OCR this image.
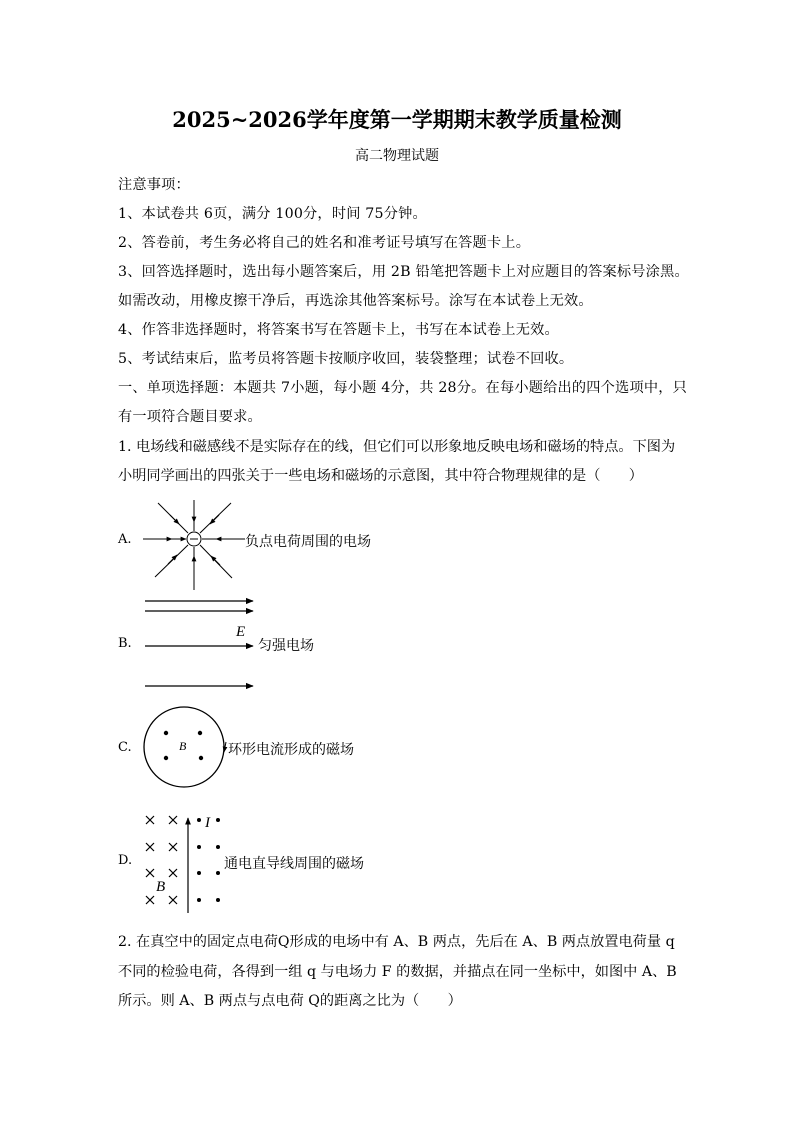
2025~2026学年度第一学期期末教学质量检测
高二物理试题
注意事项：
1、本试卷共 6页，满分 100分，时间 75分钟。
2、答卷前，考生务必将自己的姓名和准考证号填写在答题卡上。
3、回答选择题时，选出每小题答案后，用 2B 铅笔把答题卡上对应题目的答案标号涂黑。
如需改动，用橡皮擦干净后，再选涂其他答案标号。涂写在本试卷上无效。
4、作答非选择题时，将答案书写在答题卡上，书写在本试卷上无效。
5、考试结束后，监考员将答题卡按顺序收回，装袋整理；试卷不回收。
一、单项选择题：本题共 7小题，每小题 4分，共 28分。在每小题给出的四个选项中，只
有一项符合题目要求。
1. 电场线和磁感线不是实际存在的线，但它们可以形象地反映电场和磁场的特点。下图为
小明同学画出的四张关于一些电场和磁场的示意图，其中符合物理规律的是（　　）
A.	负点电荷周围的电场
B.
E
匀强电场
C.	B	环形电流形成的磁场
D.
I
B
通电直导线周围的磁场
2. 在真空中的固定点电荷Q形成的电场中有 A、B 两点，先后在 A、B 两点放置电荷量 q
不同的检验电荷，各得到一组 q 与电场力 F 的数据，并描点在同一坐标中，如图中 A、B
所示。则 A、B 两点与点电荷 Q的距离之比为（　　）
